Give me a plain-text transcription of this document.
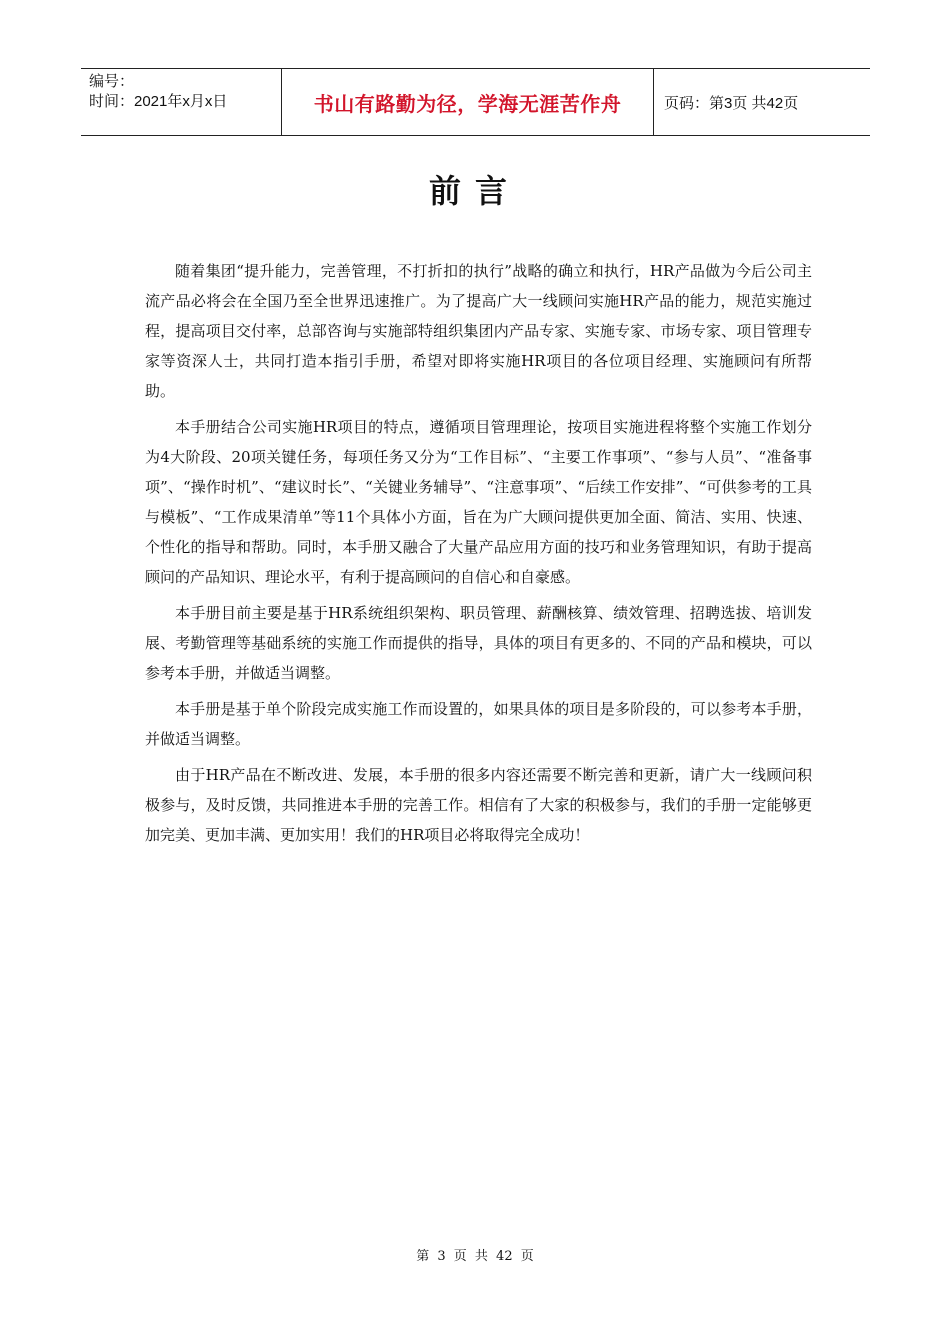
编号：
时间：2021年x月x日	书山有路勤为径，学海无涯苦作舟	页码：第3页 共42页
前言

随着集团“提升能力，完善管理，不打折扣的执行”战略的确立和执行，HR产品做为今后公司主流产品必将会在全国乃至全世界迅速推广。为了提高广大一线顾问实施HR产品的能力，规范实施过程，提高项目交付率，总部咨询与实施部特组织集团内产品专家、实施专家、市场专家、项目管理专家等资深人士，共同打造本指引手册，希望对即将实施HR项目的各位项目经理、实施顾问有所帮助。

本手册结合公司实施HR项目的特点，遵循项目管理理论，按项目实施进程将整个实施工作划分为4大阶段、20项关键任务，每项任务又分为“工作目标”、“主要工作事项”、“参与人员”、“准备事项”、“操作时机”、“建议时长”、“关键业务辅导”、“注意事项”、“后续工作安排”、“可供参考的工具与模板”、“工作成果清单”等11个具体小方面，旨在为广大顾问提供更加全面、简洁、实用、快速、个性化的指导和帮助。同时，本手册又融合了大量产品应用方面的技巧和业务管理知识，有助于提高顾问的产品知识、理论水平，有利于提高顾问的自信心和自豪感。

本手册目前主要是基于HR系统组织架构、职员管理、薪酬核算、绩效管理、招聘选拔、培训发展、考勤管理等基础系统的实施工作而提供的指导，具体的项目有更多的、不同的产品和模块，可以参考本手册，并做适当调整。

本手册是基于单个阶段完成实施工作而设置的，如果具体的项目是多阶段的，可以参考本手册，并做适当调整。

由于HR产品在不断改进、发展，本手册的很多内容还需要不断完善和更新，请广大一线顾问积极参与，及时反馈，共同推进本手册的完善工作。相信有了大家的积极参与，我们的手册一定能够更加完美、更加丰满、更加实用！我们的HR项目必将取得完全成功！

第 3 页 共 42 页
